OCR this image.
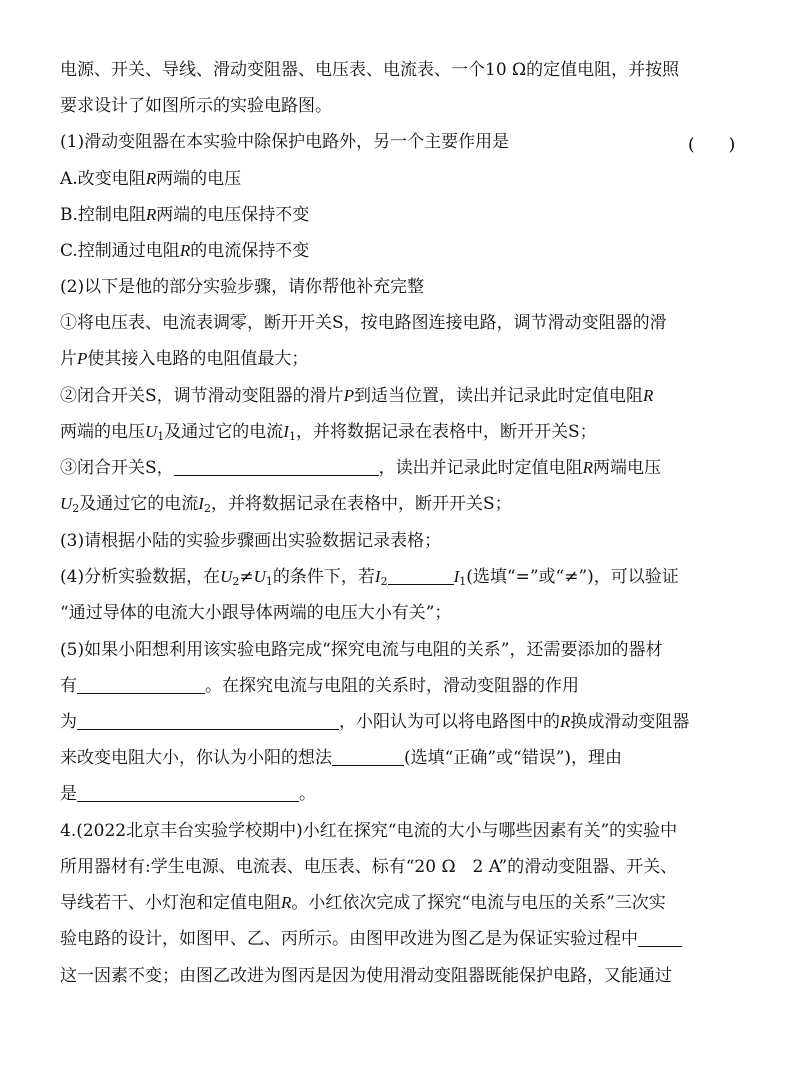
电源、开关、导线、滑动变阻器、电压表、电流表、一个10 Ω的定值电阻，并按照

要求设计了如图所示的实验电路图。

(1)滑动变阻器在本实验中除保护电路外，另一个主要作用是	(　　)

A.改变电阻R两端的电压

B.控制电阻R两端的电压保持不变

C.控制通过电阻R的电流保持不变

(2)以下是他的部分实验步骤，请你帮他补充完整

①将电压表、电流表调零，断开开关S，按电路图连接电路，调节滑动变阻器的滑

片P使其接入电路的电阻值最大；

②闭合开关S，调节滑动变阻器的滑片P到适当位置，读出并记录此时定值电阻R

两端的电压$U_1$及通过它的电流$I_1$，并将数据记录在表格中，断开开关S；

③闭合开关S，	，读出并记录此时定值电阻R两端电压

$U_2$及通过它的电流$I_2$，并将数据记录在表格中，断开开关S；

(3)请根据小陆的实验步骤画出实验数据记录表格；

(4)分析实验数据，在$U_2\ne U_1$的条件下，若$I_2$	$I_1$(选填“=”或“≠”)，可以验证

“通过导体的电流大小跟导体两端的电压大小有关”；

(5)如果小阳想利用该实验电路完成“探究电流与电阻的关系”，还需要添加的器材

有	。在探究电流与电阻的关系时，滑动变阻器的作用

为	，小阳认为可以将电路图中的R换成滑动变阻器

来改变电阻大小，你认为小阳的想法	(选填“正确”或“错误”)，理由

是	。

4.(2022北京丰台实验学校期中)小红在探究“电流的大小与哪些因素有关”的实验中

所用器材有:学生电源、电流表、电压表、标有“20 Ω　2 A”的滑动变阻器、开关、

导线若干、小灯泡和定值电阻R。小红依次完成了探究“电流与电压的关系”三次实

验电路的设计，如图甲、乙、丙所示。由图甲改进为图乙是为保证实验过程中

这一因素不变；由图乙改进为图丙是因为使用滑动变阻器既能保护电路，又能通过
